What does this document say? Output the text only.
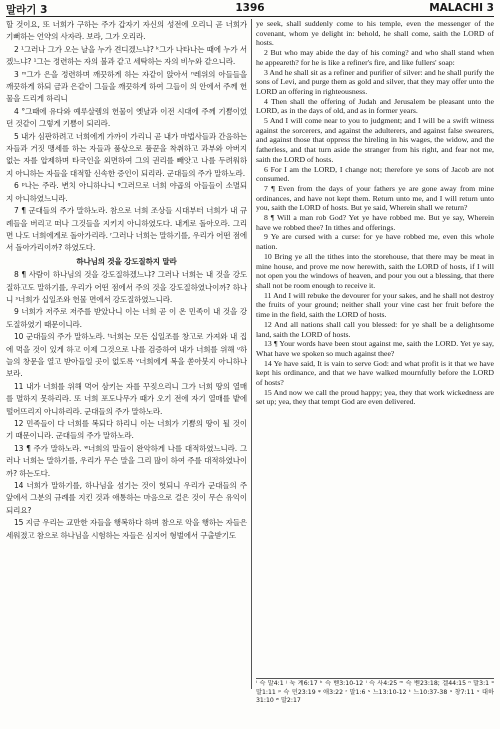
말라기 3	1396	MALACHI 3

할 것이요, 또 너희가 구하는 주가 갑자기 자신의 성전에 오리니 곧 너희가 기뻐하는 언약의 사자라. 보라, 그가 오리라.

2 ¹그러나 그가 오는 날을 누가 견디겠느냐? ᵏ그가 나타나는 때에 누가 서겠느냐? ¹그는 정련하는 자의 불과 같고 세탁하는 자의 비누와 같으니라.

3 ᵐ그가 은을 정련하며 깨끗하게 하는 자같이 앉아서 ⁿ레위의 아들들을 깨끗하게 하되 금과 은같이 그들을 깨끗하게 하여 그들이 의 안에서 주께 헌물을 드리게 하리니

4 °그때에 유다와 예루살렘의 헌물이 옛날과 이전 시대에 주께 기쁨이었던 것같이 그렇게 기쁨이 되리라.

5 내가 심판하려고 너희에게 가까이 가리니 곧 내가 마법사들과 간음하는 자들과 거짓 맹세를 하는 자들과 품삯으로 품꾼을 착취하고 과부와 아버지 없는 자를 압제하며 타국인을 외면하여 그의 권리를 빼앗고 나를 두려워하지 아니하는 자들을 대적할 신속한 증인이 되리라. 군대들의 주가 말하노라.

6 ᵖ나는 주라. 변치 아니하나니 ᵠ그러므로 너희 야곱의 아들들이 소멸되지 아니하였느니라.

7 ¶ 군대들의 주가 말하노라. 참으로 너희 조상들 시대부터 너희가 내 규례들을 버리고 떠나 그것들을 지키지 아니하였도다. 내게로 돌아오라. 그리면 나도 너희에게로 돌아가리라. ʳ그러나 너희는 말하기를, 우리가 어떤 점에서 돌아가리이까? 하였도다.

하나님의 것을 강도질하지 말라

8 ¶ 사람이 하나님의 것을 강도질하겠느냐? 그러나 너희는 내 것을 강도질하고도 말하기를, 우리가 어떤 점에서 주의 것을 강도질하였나이까? 하나니 ˢ너희가 십일조와 헌물 면에서 강도질하였느니라.

9 너희가 저주로 저주를 받았나니 이는 너희 곧 이 온 민족이 내 것을 강도질하였기 때문이니라.

10 군대들의 주가 말하노라. ᵗ너희는 모든 십일조를 창고로 가져와 내 집에 먹을 것이 있게 하고 이제 그것으로 나를 검증하여 내가 너희를 위해 ᵘ하늘의 창문을 열고 받아들일 곳이 없도록 ᵛ너희에게 복을 쏟아붓지 아니하나 보라.

11 내가 너희를 위해 먹어 삼키는 자를 꾸짖으리니 그가 너희 땅의 열매를 멸하지 못하리라. 또 너희 포도나무가 때가 오기 전에 자기 열매를 밭에 떨어뜨리지 아니하리라. 군대들의 주가 말하노라.

12 민족들이 다 너희를 복되다 하리니 이는 너희가 기쁨의 땅이 될 것이기 때문이니라. 군대들의 주가 말하노라.

13 ¶ 주가 말하노라. ʷ너희의 말들이 완악하게 나를 대적하였느니라. 그러나 너희는 말하기를, 우리가 무슨 말을 그리 많이 하여 주를 대적하였나이까? 하는도다.

14 너희가 말하기를, 하나님을 섬기는 것이 헛되니 우리가 군대들의 주 앞에서 그분의 규례를 지킨 것과 애통하는 마음으로 걸은 것이 무슨 유익이 되리요?

15 지금 우리는 교만한 자들을 행복하다 하며 참으로 악을 행하는 자들은 세워졌고 참으로 하나님을 시험하는 자들은 심지어 형벌에서 구출받기도

ye seek, shall suddenly come to his temple, even the messenger of the covenant, whom ye delight in: behold, he shall come, saith the LORD of hosts.

2 But who may abide the day of his coming? and who shall stand when he appeareth? for he is like a refiner's fire, and like fullers' soap:

3 And he shall sit as a refiner and purifier of silver: and he shall purify the sons of Levi, and purge them as gold and silver, that they may offer unto the LORD an offering in righteousness.

4 Then shall the offering of Judah and Jerusalem be pleasant unto the LORD, as in the days of old, and as in former years.

5 And I will come near to you to judgment; and I will be a swift witness against the sorcerers, and against the adulterers, and against false swearers, and against those that oppress the hireling in his wages, the widow, and the fatherless, and that turn aside the stranger from his right, and fear not me, saith the LORD of hosts.

6 For I am the LORD, I change not; therefore ye sons of Jacob are not consumed.

7 ¶ Even from the days of your fathers ye are gone away from mine ordinances, and have not kept them. Return unto me, and I will return unto you, saith the LORD of hosts. But ye said, Wherein shall we return?

8 ¶ Will a man rob God? Yet ye have robbed me. But ye say, Wherein have we robbed thee? In tithes and offerings.

9 Ye are cursed with a curse: for ye have robbed me, even this whole nation.

10 Bring ye all the tithes into the storehouse, that there may be meat in mine house, and prove me now herewith, saith the LORD of hosts, if I will not open you the windows of heaven, and pour you out a blessing, that there shall not be room enough to receive it.

11 And I will rebuke the devourer for your sakes, and he shall not destroy the fruits of your ground; neither shall your vine cast her fruit before the time in the field, saith the LORD of hosts.

12 And all nations shall call you blessed: for ye shall be a delightsome land, saith the LORD of hosts.

13 ¶ Your words have been stout against me, saith the LORD. Yet ye say, What have we spoken so much against thee?

14 Ye have said, It is vain to serve God: and what profit is it that we have kept his ordinance, and that we have walked mournfully before the LORD of hosts?

15 And now we call the proud happy; yea, they that work wickedness are set up; yea, they that tempt God are even delivered.

ⁱ 슥 말4:1 ʲ 눅 계6:17 ᵏ 슥 벧3:10-12 ˡ 슥 사4:25 ᵐ 슥 벧23:18; 겔44:15 ⁿ 말3:1 ᵒ 말1:11 ᵖ 슥 민23:19 ᵠ 애3:22 ʳ 말1:6 ˢ 느13:10-12 ᵗ 느10:37-38 ᵘ 창7:11 ᵛ 대하31:10 ʷ 말2:17
